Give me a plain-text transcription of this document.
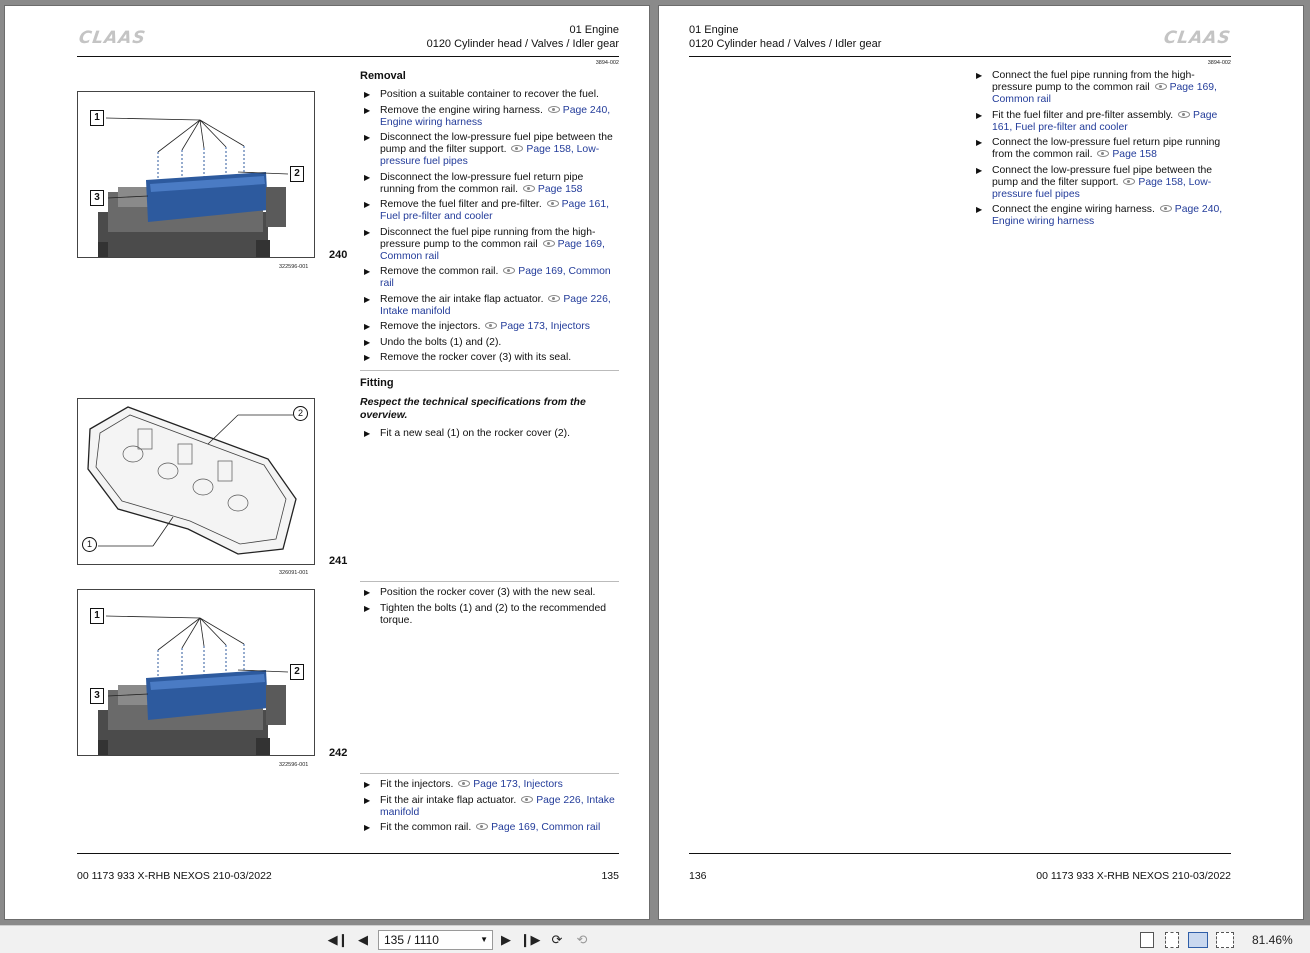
CLAAS	01 Engine
0120 Cylinder head / Valves / Idler gear
3894-002
1
2
3
240
322596-001
Removal
▶ Position a suitable container to recover the fuel.
▶ Remove the engine wiring harness. Page 240, Engine wiring harness
▶ Disconnect the low-pressure fuel pipe between the pump and the filter support. Page 158, Low-pressure fuel pipes
▶ Disconnect the low-pressure fuel return pipe running from the common rail. Page 158
▶ Remove the fuel filter and pre-filter. Page 161, Fuel pre-filter and cooler
▶ Disconnect the fuel pipe running from the high-pressure pump to the common rail Page 169, Common rail
▶ Remove the common rail. Page 169, Common rail
▶ Remove the air intake flap actuator. Page 226, Intake manifold
▶ Remove the injectors. Page 173, Injectors
▶ Undo the bolts (1) and (2).
▶ Remove the rocker cover (3) with its seal.
Fitting
Respect the technical specifications from the overview.
▶ Fit a new seal (1) on the rocker cover (2).
2
1
241
326091-001
▶ Position the rocker cover (3) with the new seal.
▶ Tighten the bolts (1) and (2) to the recommended torque.
1
2
3
242
322596-001
▶ Fit the injectors. Page 173, Injectors
▶ Fit the air intake flap actuator. Page 226, Intake manifold
▶ Fit the common rail. Page 169, Common rail
00 1173 933 X-RHB NEXOS 210-03/2022	135
01 Engine
0120 Cylinder head / Valves / Idler gear	CLAAS
3894-002
▶ Connect the fuel pipe running from the high-pressure pump to the common rail Page 169, Common rail
▶ Fit the fuel filter and pre-filter assembly. Page 161, Fuel pre-filter and cooler
▶ Connect the low-pressure fuel return pipe running from the common rail. Page 158
▶ Connect the low-pressure fuel pipe between the pump and the filter support. Page 158, Low-pressure fuel pipes
▶ Connect the engine wiring harness. Page 240, Engine wiring harness
136	00 1173 933 X-RHB NEXOS 210-03/2022
◀❙ ◀	135 / 1110	▼	▶ ❙▶ ⟳ ⟲	81.46%
